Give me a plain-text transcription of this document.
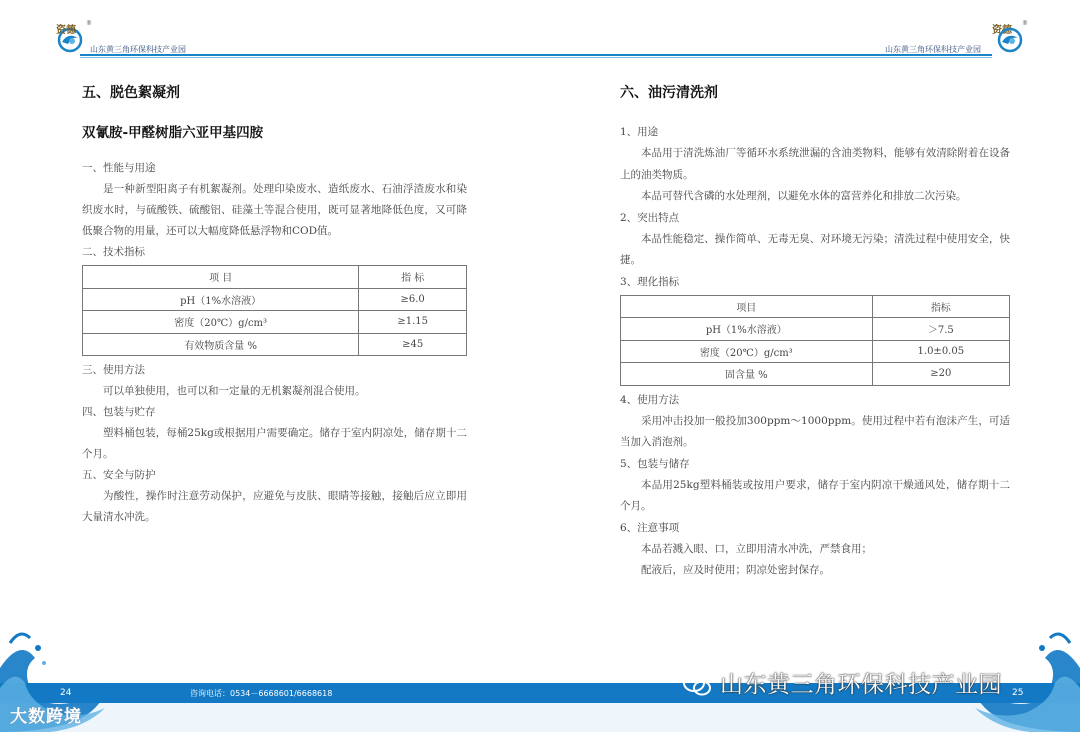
资德
®
山东黄三角环保科技产业园	山东黄三角环保科技产业园
资德
®
五、脱色絮凝剂
双氰胺-甲醛树脂六亚甲基四胺
一、性能与用途
是一种新型阳离子有机絮凝剂。处理印染废水、造纸废水、石油浮渣废水和染织废水时，与硫酸铁、硫酸铝、硅藻土等混合使用，既可显著地降低色度，又可降低聚合物的用量，还可以大幅度降低悬浮物和COD值。
二、技术指标
项 目	指 标
pH（1%水溶液）	≥6.0
密度（20℃）g/cm³	≥1.15
有效物质含量 %	≥45
三、使用方法
可以单独使用，也可以和一定量的无机絮凝剂混合使用。
四、包装与贮存
塑料桶包装，每桶25kg或根据用户需要确定。储存于室内阴凉处，储存期十二个月。
五、安全与防护
为酸性，操作时注意劳动保护，应避免与皮肤、眼睛等接触，接触后应立即用大量清水冲洗。
六、油污清洗剂
1、用途
本品用于清洗炼油厂等循环水系统泄漏的含油类物料，能够有效清除附着在设备上的油类物质。
本品可替代含磷的水处理剂，以避免水体的富营养化和排放二次污染。
2、突出特点
本品性能稳定、操作简单、无毒无臭、对环境无污染；清洗过程中使用安全，快捷。
3、理化指标
项目	指标
pH（1%水溶液）	＞7.5
密度（20℃）g/cm³	1.0±0.05
固含量 %	≥20
4、使用方法
采用冲击投加一般投加300ppm～1000ppm。使用过程中若有泡沫产生，可适当加入消泡剂。
5、包装与储存
本品用25kg塑料桶装或按用户要求，储存于室内阴凉干燥通风处，储存期十二个月。
6、注意事项
本品若溅入眼、口，立即用清水冲洗，严禁食用；
配液后，应及时使用；阴凉处密封保存。
24	咨询电话：0534－6668601/6668618	25
大数跨境
山东黄三角环保科技产业园
